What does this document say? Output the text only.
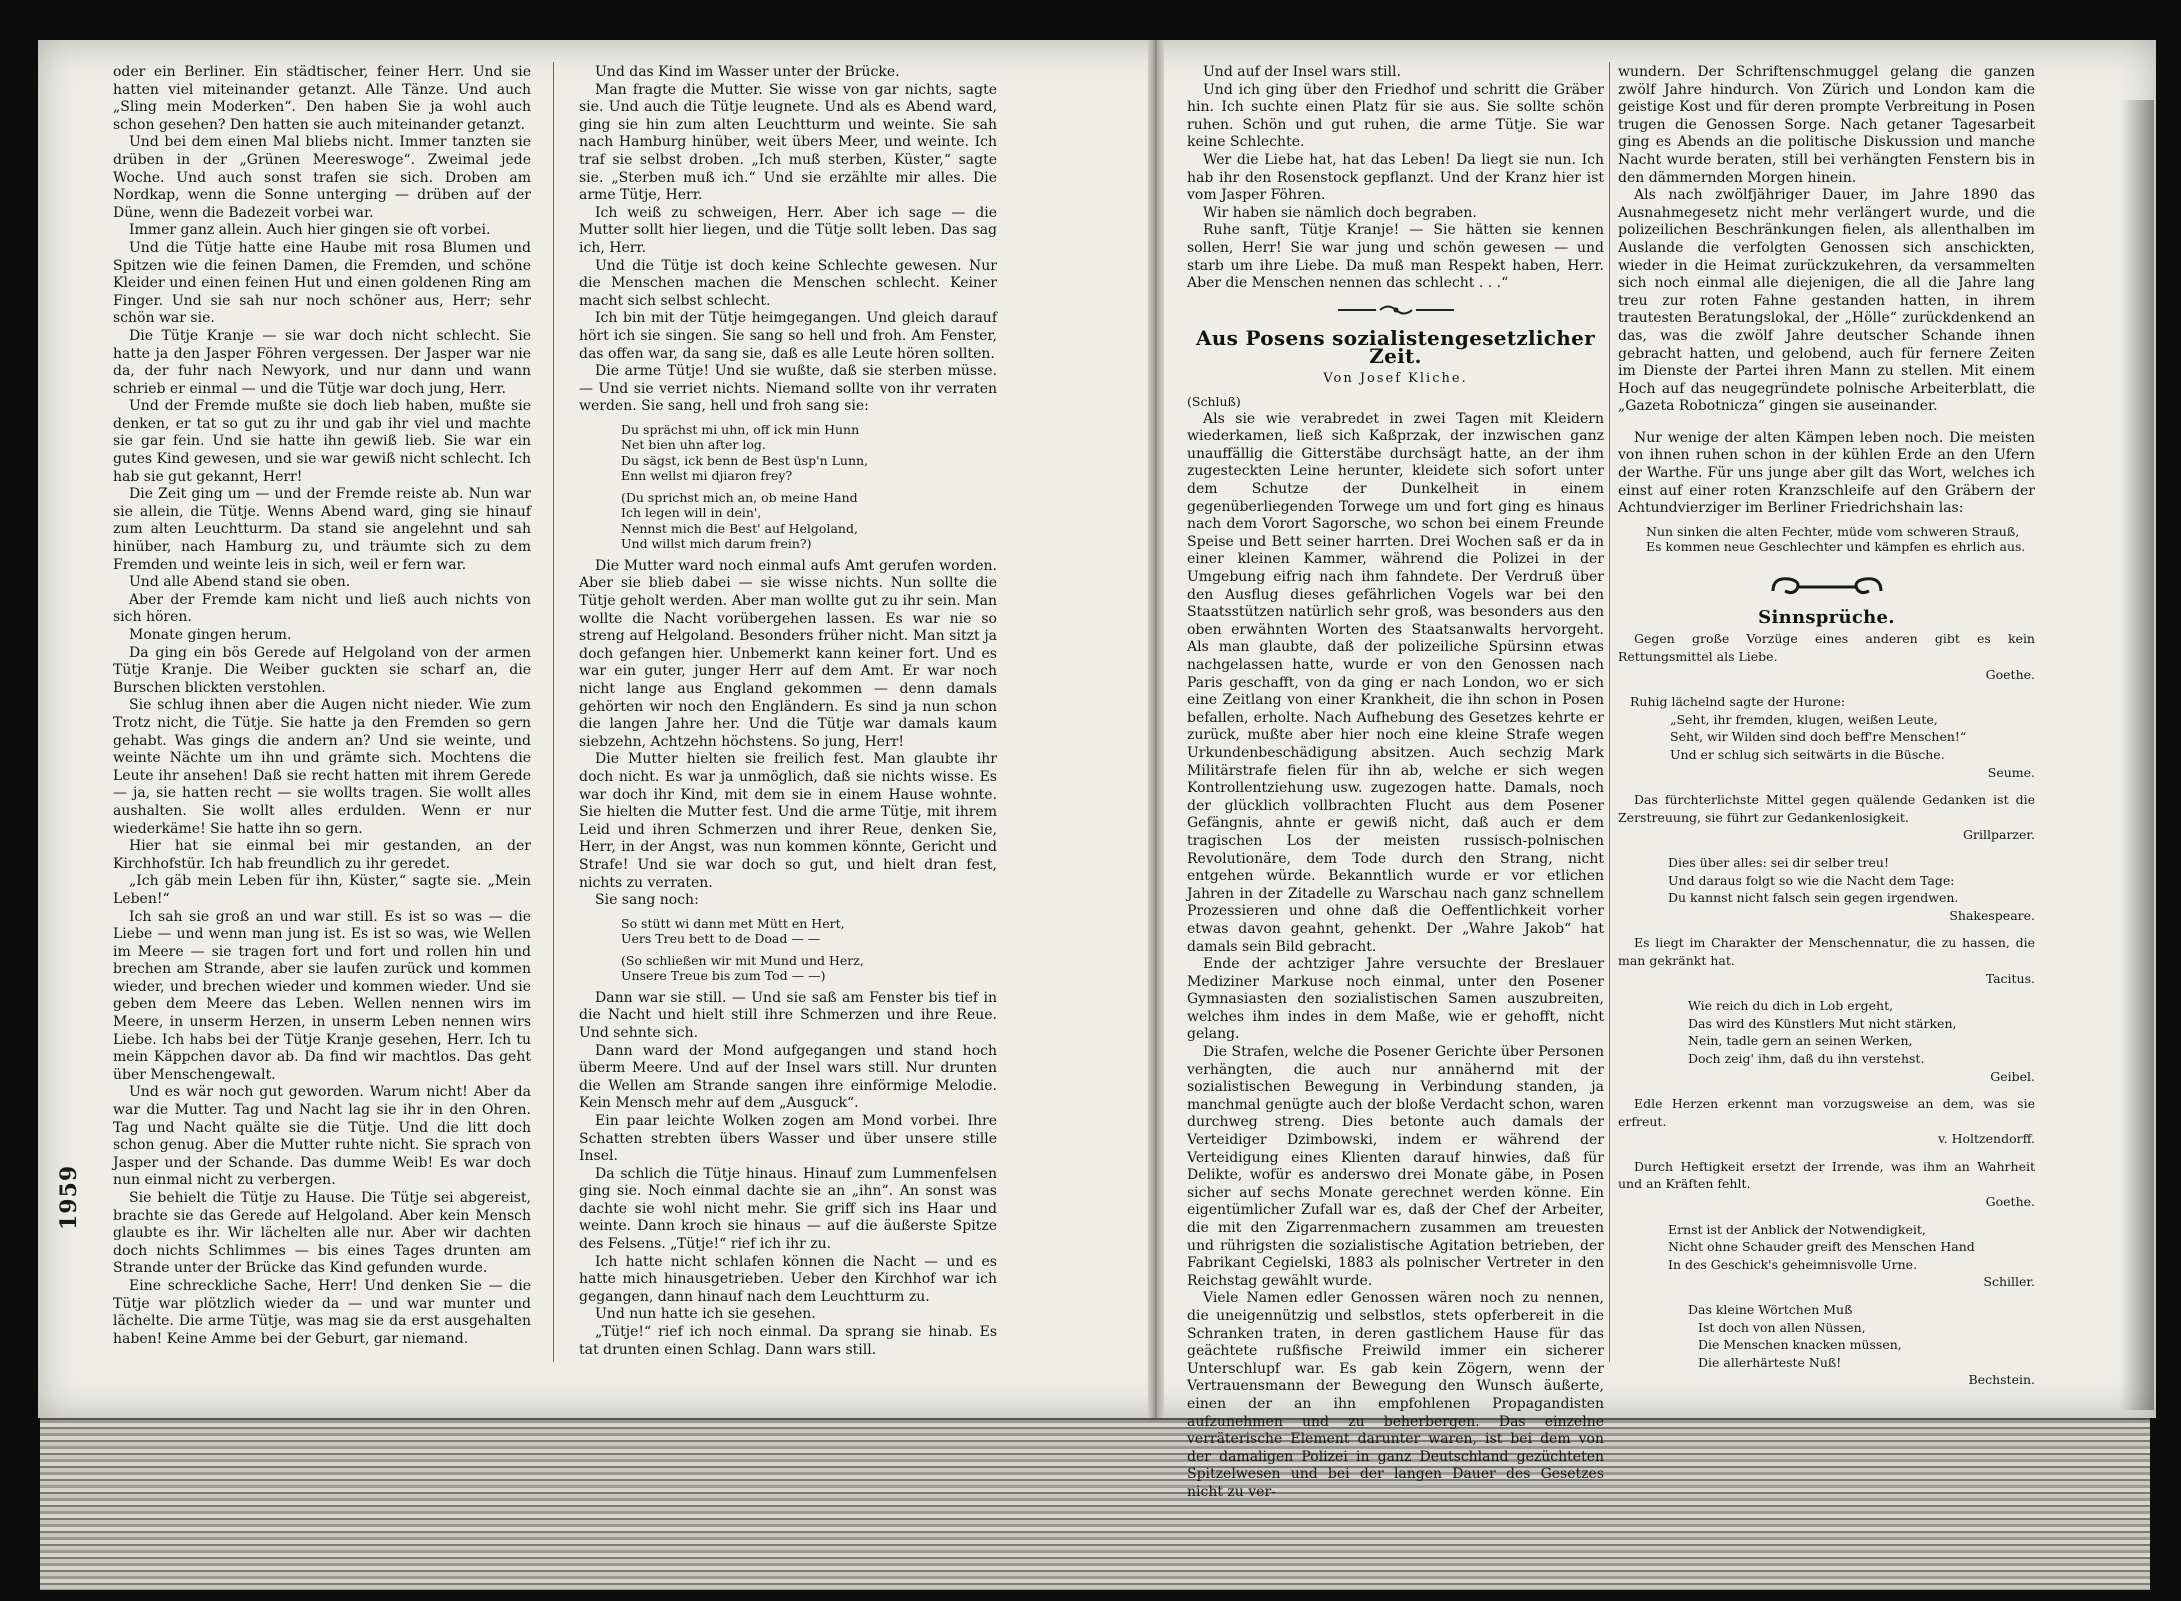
1959

oder ein Berliner. Ein städtischer, feiner Herr. Und sie hatten viel miteinander getanzt. Alle Tänze. Und auch „Sling mein Moderken“. Den haben Sie ja wohl auch schon gesehen? Den hatten sie auch miteinander getanzt.

Und bei dem einen Mal bliebs nicht. Immer tanzten sie drüben in der „Grünen Meereswoge“. Zweimal jede Woche. Und auch sonst trafen sie sich. Droben am Nordkap, wenn die Sonne unterging — drüben auf der Düne, wenn die Badezeit vorbei war.

Immer ganz allein. Auch hier gingen sie oft vorbei.

Und die Tütje hatte eine Haube mit rosa Blumen und Spitzen wie die feinen Damen, die Fremden, und schöne Kleider und einen feinen Hut und einen goldenen Ring am Finger. Und sie sah nur noch schöner aus, Herr; sehr schön war sie.

Die Tütje Kranje — sie war doch nicht schlecht. Sie hatte ja den Jasper Föhren vergessen. Der Jasper war nie da, der fuhr nach Newyork, und nur dann und wann schrieb er einmal — und die Tütje war doch jung, Herr.

Und der Fremde mußte sie doch lieb haben, mußte sie denken, er tat so gut zu ihr und gab ihr viel und machte sie gar fein. Und sie hatte ihn gewiß lieb. Sie war ein gutes Kind gewesen, und sie war gewiß nicht schlecht. Ich hab sie gut gekannt, Herr!

Die Zeit ging um — und der Fremde reiste ab. Nun war sie allein, die Tütje. Wenns Abend ward, ging sie hinauf zum alten Leuchtturm. Da stand sie angelehnt und sah hinüber, nach Hamburg zu, und träumte sich zu dem Fremden und weinte leis in sich, weil er fern war.

Und alle Abend stand sie oben.

Aber der Fremde kam nicht und ließ auch nichts von sich hören.

Monate gingen herum.

Da ging ein bös Gerede auf Helgoland von der armen Tütje Kranje. Die Weiber guckten sie scharf an, die Burschen blickten verstohlen.

Sie schlug ihnen aber die Augen nicht nieder. Wie zum Trotz nicht, die Tütje. Sie hatte ja den Fremden so gern gehabt. Was gings die andern an? Und sie weinte, und weinte Nächte um ihn und grämte sich. Mochtens die Leute ihr ansehen! Daß sie recht hatten mit ihrem Gerede — ja, sie hatten recht — sie wollts tragen. Sie wollt alles aushalten. Sie wollt alles erdulden. Wenn er nur wiederkäme! Sie hatte ihn so gern.

Hier hat sie einmal bei mir gestanden, an der Kirchhofstür. Ich hab freundlich zu ihr geredet.

„Ich gäb mein Leben für ihn, Küster,“ sagte sie. „Mein Leben!“

Ich sah sie groß an und war still. Es ist so was — die Liebe — und wenn man jung ist. Es ist so was, wie Wellen im Meere — sie tragen fort und fort und rollen hin und brechen am Strande, aber sie laufen zurück und kommen wieder, und brechen wieder und kommen wieder. Und sie geben dem Meere das Leben. Wellen nennen wirs im Meere, in unserm Herzen, in unserm Leben nennen wirs Liebe. Ich habs bei der Tütje Kranje gesehen, Herr. Ich tu mein Käppchen davor ab. Da find wir machtlos. Das geht über Menschengewalt.

Und es wär noch gut geworden. Warum nicht! Aber da war die Mutter. Tag und Nacht lag sie ihr in den Ohren. Tag und Nacht quälte sie die Tütje. Und die litt doch schon genug. Aber die Mutter ruhte nicht. Sie sprach von Jasper und der Schande. Das dumme Weib! Es war doch nun einmal nicht zu verbergen.

Sie behielt die Tütje zu Hause. Die Tütje sei abgereist, brachte sie das Gerede auf Helgoland. Aber kein Mensch glaubte es ihr. Wir lächelten alle nur. Aber wir dachten doch nichts Schlimmes — bis eines Tages drunten am Strande unter der Brücke das Kind gefunden wurde.

Eine schreckliche Sache, Herr! Und denken Sie — die Tütje war plötzlich wieder da — und war munter und lächelte. Die arme Tütje, was mag sie da erst ausgehalten haben! Keine Amme bei der Geburt, gar niemand.

Und das Kind im Wasser unter der Brücke.

Man fragte die Mutter. Sie wisse von gar nichts, sagte sie. Und auch die Tütje leugnete. Und als es Abend ward, ging sie hin zum alten Leuchtturm und weinte. Sie sah nach Hamburg hinüber, weit übers Meer, und weinte. Ich traf sie selbst droben. „Ich muß sterben, Küster,“ sagte sie. „Sterben muß ich.“ Und sie erzählte mir alles. Die arme Tütje, Herr.

Ich weiß zu schweigen, Herr. Aber ich sage — die Mutter sollt hier liegen, und die Tütje sollt leben. Das sag ich, Herr.

Und die Tütje ist doch keine Schlechte gewesen. Nur die Menschen machen die Menschen schlecht. Keiner macht sich selbst schlecht.

Ich bin mit der Tütje heimgegangen. Und gleich darauf hört ich sie singen. Sie sang so hell und froh. Am Fenster, das offen war, da sang sie, daß es alle Leute hören sollten.

Die arme Tütje! Und sie wußte, daß sie sterben müsse. — Und sie verriet nichts. Niemand sollte von ihr verraten werden. Sie sang, hell und froh sang sie:

Du sprächst mi uhn, off ick min Hunn
Net bien uhn after log.
Du sägst, ick benn de Best üsp'n Lunn,
Enn wellst mi djiaron frey?
(Du sprichst mich an, ob meine Hand
Ich legen will in dein',
Nennst mich die Best' auf Helgoland,
Und willst mich darum frein?)

Die Mutter ward noch einmal aufs Amt gerufen worden. Aber sie blieb dabei — sie wisse nichts. Nun sollte die Tütje geholt werden. Aber man wollte gut zu ihr sein. Man wollte die Nacht vorübergehen lassen. Es war nie so streng auf Helgoland. Besonders früher nicht. Man sitzt ja doch gefangen hier. Unbemerkt kann keiner fort. Und es war ein guter, junger Herr auf dem Amt. Er war noch nicht lange aus England gekommen — denn damals gehörten wir noch den Engländern. Es sind ja nun schon die langen Jahre her. Und die Tütje war damals kaum siebzehn, Achtzehn höchstens. So jung, Herr!

Die Mutter hielten sie freilich fest. Man glaubte ihr doch nicht. Es war ja unmöglich, daß sie nichts wisse. Es war doch ihr Kind, mit dem sie in einem Hause wohnte. Sie hielten die Mutter fest. Und die arme Tütje, mit ihrem Leid und ihren Schmerzen und ihrer Reue, denken Sie, Herr, in der Angst, was nun kommen könnte, Gericht und Strafe! Und sie war doch so gut, und hielt dran fest, nichts zu verraten.

Sie sang noch:

So stütt wi dann met Mütt en Hert,
Uers Treu bett to de Doad — —
(So schließen wir mit Mund und Herz,
Unsere Treue bis zum Tod — —)

Dann war sie still. — Und sie saß am Fenster bis tief in die Nacht und hielt still ihre Schmerzen und ihre Reue. Und sehnte sich.

Dann ward der Mond aufgegangen und stand hoch überm Meere. Und auf der Insel wars still. Nur drunten die Wellen am Strande sangen ihre einförmige Melodie. Kein Mensch mehr auf dem „Ausguck“.

Ein paar leichte Wolken zogen am Mond vorbei. Ihre Schatten strebten übers Wasser und über unsere stille Insel.

Da schlich die Tütje hinaus. Hinauf zum Lummenfelsen ging sie. Noch einmal dachte sie an „ihn“. An sonst was dachte sie wohl nicht mehr. Sie griff sich ins Haar und weinte. Dann kroch sie hinaus — auf die äußerste Spitze des Felsens. „Tütje!“ rief ich ihr zu.

Ich hatte nicht schlafen können die Nacht — und es hatte mich hinausgetrieben. Ueber den Kirchhof war ich gegangen, dann hinauf nach dem Leuchtturm zu.

Und nun hatte ich sie gesehen.

„Tütje!“ rief ich noch einmal. Da sprang sie hinab. Es tat drunten einen Schlag. Dann wars still.

Und auf der Insel wars still.

Und ich ging über den Friedhof und schritt die Gräber hin. Ich suchte einen Platz für sie aus. Sie sollte schön ruhen. Schön und gut ruhen, die arme Tütje. Sie war keine Schlechte.

Wer die Liebe hat, hat das Leben! Da liegt sie nun. Ich hab ihr den Rosenstock gepflanzt. Und der Kranz hier ist vom Jasper Föhren.

Wir haben sie nämlich doch begraben.

Ruhe sanft, Tütje Kranje! — Sie hätten sie kennen sollen, Herr! Sie war jung und schön gewesen — und starb um ihre Liebe. Da muß man Respekt haben, Herr. Aber die Menschen nennen das schlecht . . .“

Aus Posens sozialistengesetzlicher Zeit.
Von Josef Kliche.

(Schluß)

Als sie wie verabredet in zwei Tagen mit Kleidern wiederkamen, ließ sich Kaßprzak, der inzwischen ganz unauffällig die Gitterstäbe durchsägt hatte, an der ihm zugesteckten Leine herunter, kleidete sich sofort unter dem Schutze der Dunkelheit in einem gegenüberliegenden Torwege um und fort ging es hinaus nach dem Vorort Sagorsche, wo schon bei einem Freunde Speise und Bett seiner harrten. Drei Wochen saß er da in einer kleinen Kammer, während die Polizei in der Umgebung eifrig nach ihm fahndete. Der Verdruß über den Ausflug dieses gefährlichen Vogels war bei den Staatsstützen natürlich sehr groß, was besonders aus den oben erwähnten Worten des Staatsanwalts hervorgeht. Als man glaubte, daß der polizeiliche Spürsinn etwas nachgelassen hatte, wurde er von den Genossen nach Paris geschafft, von da ging er nach London, wo er sich eine Zeitlang von einer Krankheit, die ihn schon in Posen befallen, erholte. Nach Aufhebung des Gesetzes kehrte er zurück, mußte aber hier noch eine kleine Strafe wegen Urkundenbeschädigung absitzen. Auch sechzig Mark Militärstrafe fielen für ihn ab, welche er sich wegen Kontrollentziehung usw. zugezogen hatte. Damals, noch der glücklich vollbrachten Flucht aus dem Posener Gefängnis, ahnte er gewiß nicht, daß auch er dem tragischen Los der meisten russisch-polnischen Revolutionäre, dem Tode durch den Strang, nicht entgehen würde. Bekanntlich wurde er vor etlichen Jahren in der Zitadelle zu Warschau nach ganz schnellem Prozessieren und ohne daß die Oeffentlichkeit vorher etwas davon geahnt, gehenkt. Der „Wahre Jakob“ hat damals sein Bild gebracht.

Ende der achtziger Jahre versuchte der Breslauer Mediziner Markuse noch einmal, unter den Posener Gymnasiasten den sozialistischen Samen auszubreiten, welches ihm indes in dem Maße, wie er gehofft, nicht gelang.

Die Strafen, welche die Posener Gerichte über Personen verhängten, die auch nur annähernd mit der sozialistischen Bewegung in Verbindung standen, ja manchmal genügte auch der bloße Verdacht schon, waren durchweg streng. Dies betonte auch damals der Verteidiger Dzimbowski, indem er während der Verteidigung eines Klienten darauf hinwies, daß für Delikte, wofür es anderswo drei Monate gäbe, in Posen sicher auf sechs Monate gerechnet werden könne. Ein eigentümlicher Zufall war es, daß der Chef der Arbeiter, die mit den Zigarrenmachern zusammen am treuesten und rührigsten die sozialistische Agitation betrieben, der Fabrikant Cegielski, 1883 als polnischer Vertreter in den Reichstag gewählt wurde.

Viele Namen edler Genossen wären noch zu nennen, die uneigennützig und selbstlos, stets opferbereit in die Schranken traten, in deren gastlichem Hause für das geächtete rußfische Freiwild immer ein sicherer Unterschlupf war. Es gab kein Zögern, wenn der Vertrauensmann der Bewegung den Wunsch äußerte, einen der an ihn empfohlenen Propagandisten aufzunehmen und zu beherbergen. Das einzelne verräterische Element darunter waren, ist bei dem von der damaligen Polizei in ganz Deutschland gezüchteten Spitzelwesen und bei der langen Dauer des Gesetzes nicht zu ver-

wundern. Der Schriftenschmuggel gelang die ganzen zwölf Jahre hindurch. Von Zürich und London kam die geistige Kost und für deren prompte Verbreitung in Posen trugen die Genossen Sorge. Nach getaner Tagesarbeit ging es Abends an die politische Diskussion und manche Nacht wurde beraten, still bei verhängten Fenstern bis in den dämmernden Morgen hinein.

Als nach zwölfjähriger Dauer, im Jahre 1890 das Ausnahmegesetz nicht mehr verlängert wurde, und die polizeilichen Beschränkungen fielen, als allenthalben im Auslande die verfolgten Genossen sich anschickten, wieder in die Heimat zurückzukehren, da versammelten sich noch einmal alle diejenigen, die all die Jahre lang treu zur roten Fahne gestanden hatten, in ihrem trautesten Beratungslokal, der „Hölle“ zurückdenkend an das, was die zwölf Jahre deutscher Schande ihnen gebracht hatten, und gelobend, auch für fernere Zeiten im Dienste der Partei ihren Mann zu stellen. Mit einem Hoch auf das neugegründete polnische Arbeiterblatt, die „Gazeta Robotnicza“ gingen sie auseinander.

Nur wenige der alten Kämpen leben noch. Die meisten von ihnen ruhen schon in der kühlen Erde an den Ufern der Warthe. Für uns junge aber gilt das Wort, welches ich einst auf einer roten Kranzschleife auf den Gräbern der Achtundvierziger im Berliner Friedrichshain las:

Nun sinken die alten Fechter, müde vom schweren Strauß,
Es kommen neue Geschlechter und kämpfen es ehrlich aus.
Sinnsprüche.

Gegen große Vorzüge eines anderen gibt es kein Rettungsmittel als Liebe.

Goethe.
Ruhig lächelnd sagte der Hurone:
„Seht, ihr fremden, klugen, weißen Leute,
Seht, wir Wilden sind doch beff're Menschen!“
Und er schlug sich seitwärts in die Büsche.
Seume.

Das fürchterlichste Mittel gegen quälende Gedanken ist die Zerstreuung, sie führt zur Gedankenlosigkeit.

Grillparzer.
Dies über alles: sei dir selber treu!
Und daraus folgt so wie die Nacht dem Tage:
Du kannst nicht falsch sein gegen irgendwen.
Shakespeare.

Es liegt im Charakter der Menschennatur, die zu hassen, die man gekränkt hat.

Tacitus.
Wie reich du dich in Lob ergeht,
Das wird des Künstlers Mut nicht stärken,
Nein, tadle gern an seinen Werken,
Doch zeig' ihm, daß du ihn verstehst.
Geibel.

Edle Herzen erkennt man vorzugsweise an dem, was sie erfreut.

v. Holtzendorff.

Durch Heftigkeit ersetzt der Irrende, was ihm an Wahrheit und an Kräften fehlt.

Goethe.
Ernst ist der Anblick der Notwendigkeit,
Nicht ohne Schauder greift des Menschen Hand
In des Geschick's geheimnisvolle Urne.
Schiller.
Das kleine Wörtchen Muß
Ist doch von allen Nüssen,
Die Menschen knacken müssen,
Die allerhärteste Nuß!
Bechstein.
